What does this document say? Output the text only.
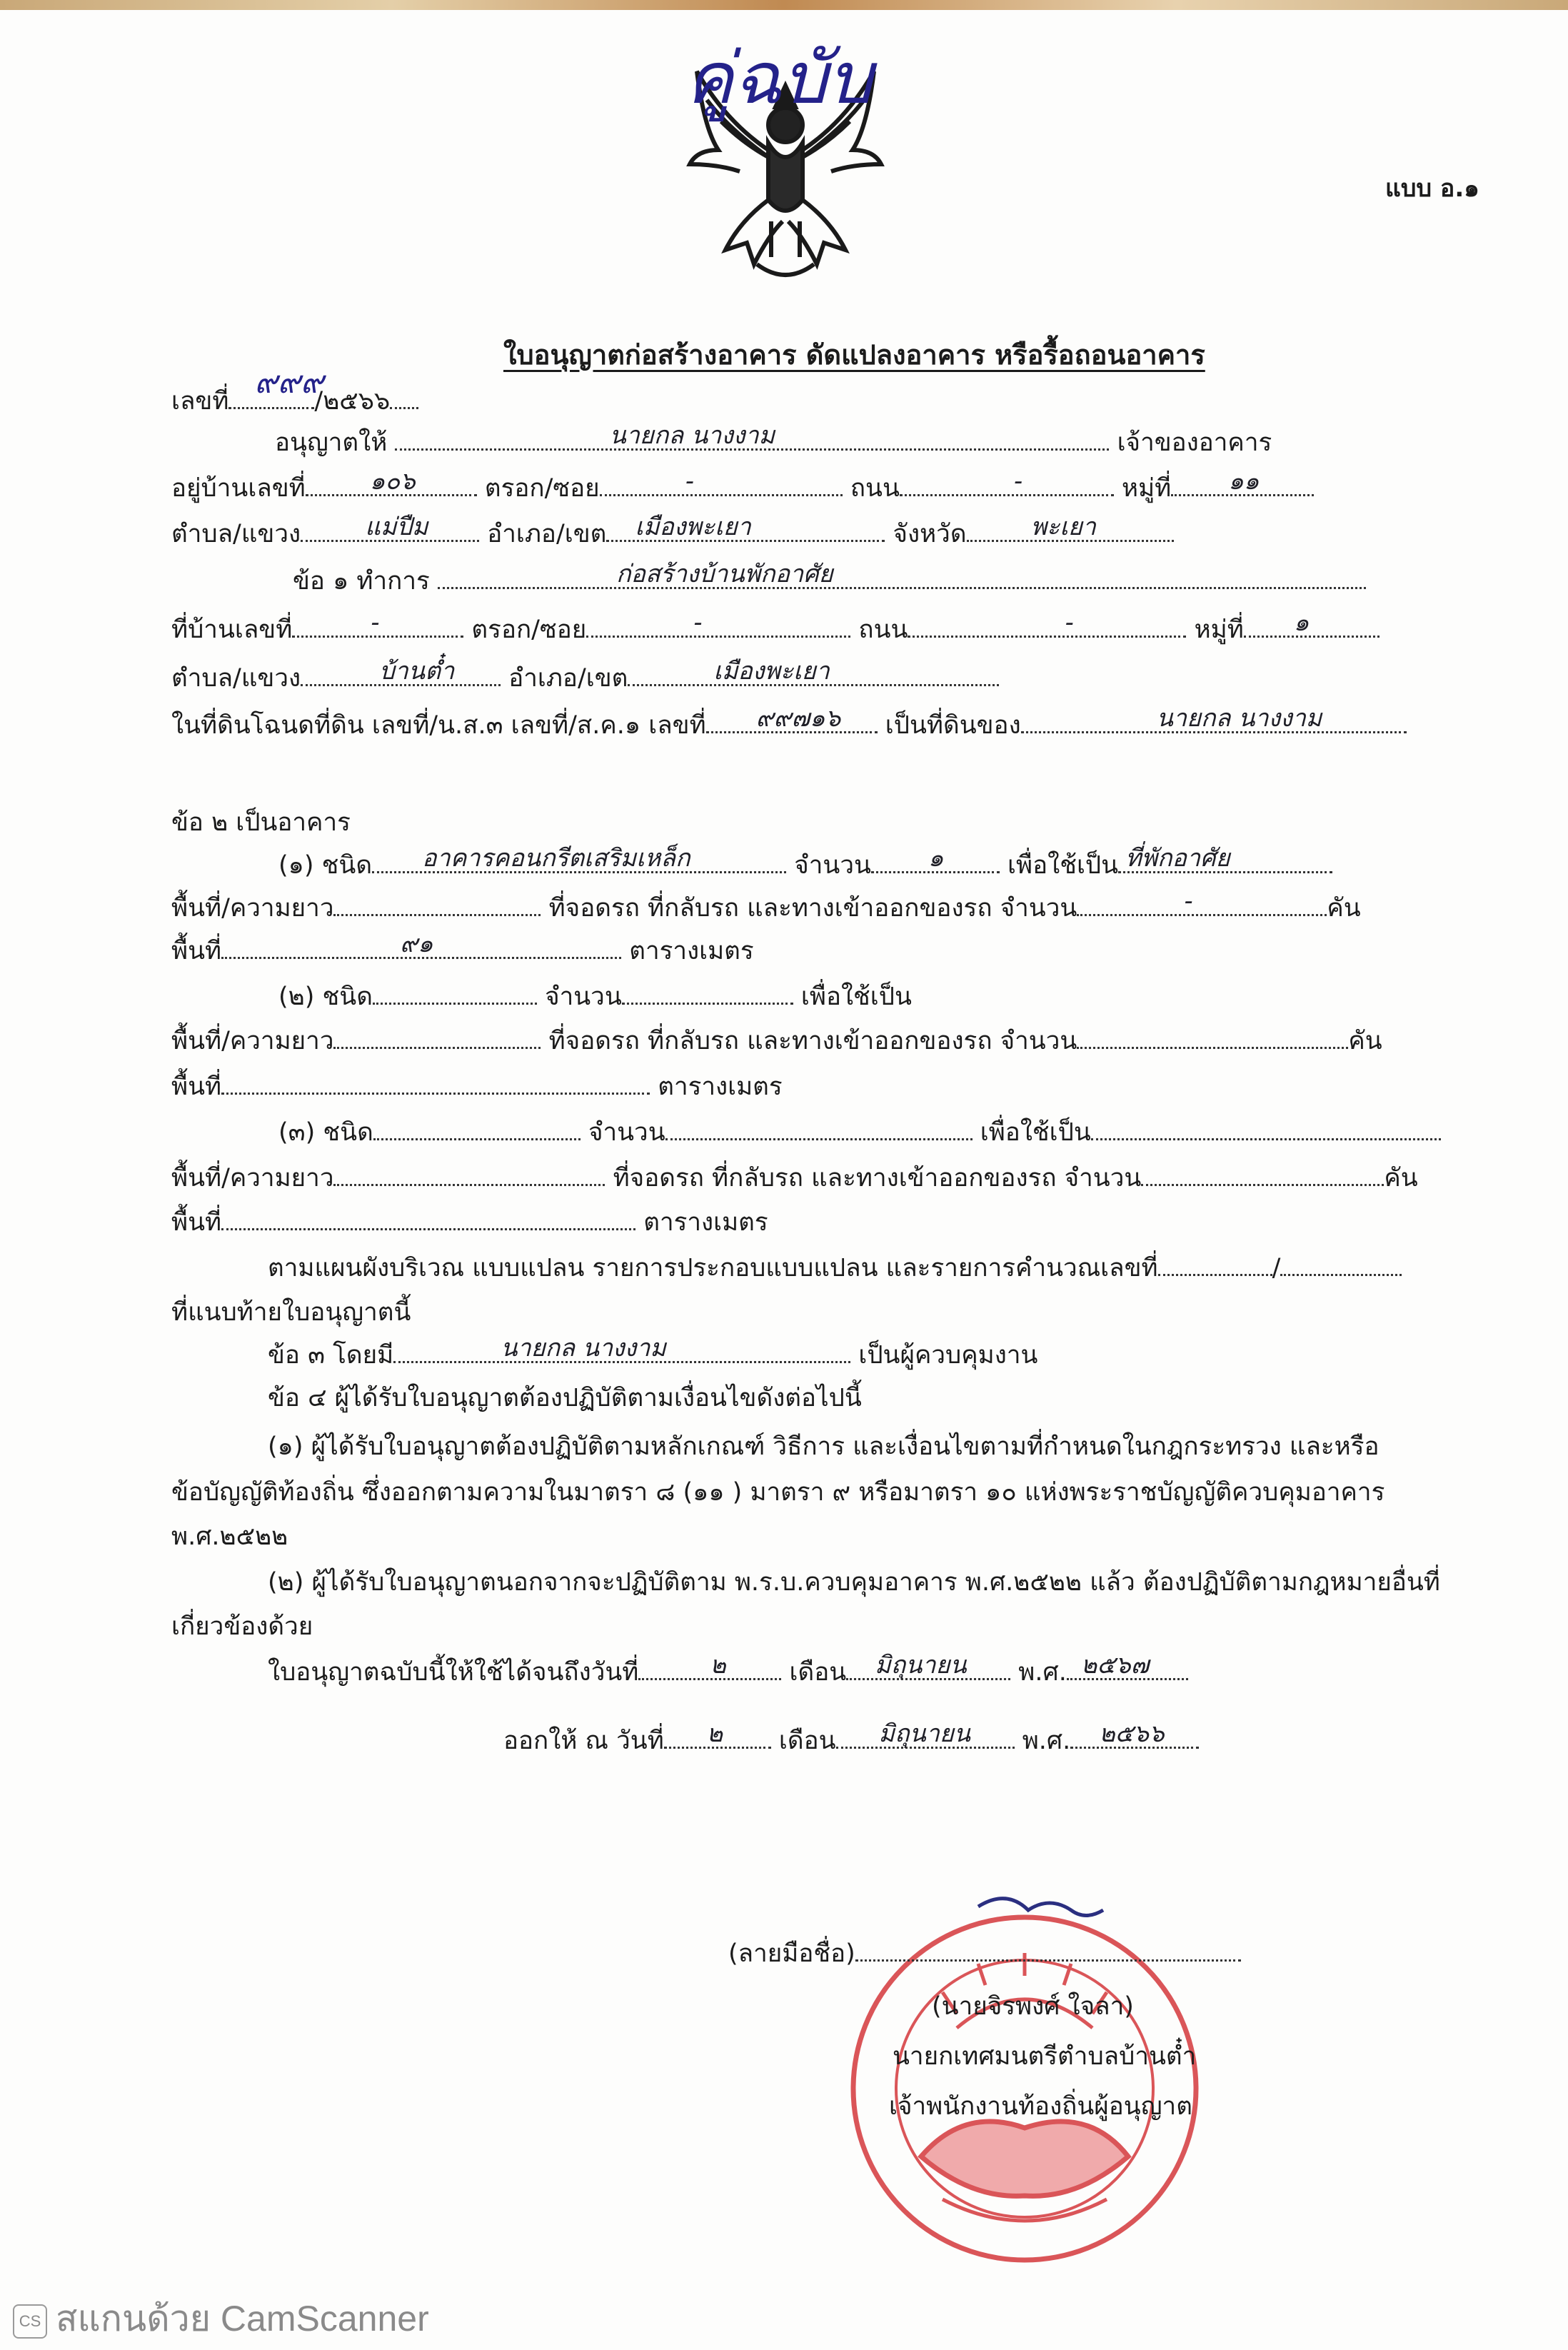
คู่ฉบับ
แบบ อ.๑
ใบอนุญาตก่อสร้างอาคาร ดัดแปลงอาคาร หรือรื้อถอนอาคาร
เลขที่
๙๙๙
/๒๕๖๖
อนุญาตให้	นายกล นางงาม	เจ้าของอาคาร
อยู่บ้านเลขที่	๑๐๖	ตรอก/ซอย	-	ถนน	-	หมู่ที่ ๑๑
ตำบล/แขวง	แม่ปืม อำเภอ/เขต เมืองพะเยา	จังหวัด	พะเยา
ข้อ ๑ ทำการ	ก่อสร้างบ้านพักอาศัย
ที่บ้านเลขที่	-	ตรอก/ซอย	-	ถนน	-	หมู่ที่ ๑
ตำบล/แขวง	บ้านต๋ำ อำเภอ/เขต	เมืองพะเยา
ในที่ดินโฉนดที่ดิน เลขที่/น.ส.๓ เลขที่/ส.ค.๑ เลขที่ ๙๙๗๑๖ เป็นที่ดินของ	นายกล นางงาม
ข้อ ๒ เป็นอาคาร
(๑) ชนิด อาคารคอนกรีตเสริมเหล็ก	จำนวน ๑	เพื่อใช้เป็น ที่พักอาศัย
พื้นที่/ความยาว	ที่จอดรถ ที่กลับรถ และทางเข้าออกของรถ จำนวน	-	คัน
พื้นที่	๙๑	ตารางเมตร
(๒) ชนิด	จำนวน	เพื่อใช้เป็น
พื้นที่/ความยาว	ที่จอดรถ ที่กลับรถ และทางเข้าออกของรถ จำนวน	คัน
พื้นที่	ตารางเมตร
(๓) ชนิด	จำนวน	เพื่อใช้เป็น
พื้นที่/ความยาว	ที่จอดรถ ที่กลับรถ และทางเข้าออกของรถ จำนวน	คัน
พื้นที่	ตารางเมตร
ตามแผนผังบริเวณ แบบแปลน รายการประกอบแบบแปลน และรายการคำนวณเลขที่	/
ที่แนบท้ายใบอนุญาตนี้
ข้อ ๓ โดยมี	นายกล นางงาม	เป็นผู้ควบคุมงาน
ข้อ ๔ ผู้ได้รับใบอนุญาตต้องปฏิบัติตามเงื่อนไขดังต่อไปนี้
(๑) ผู้ได้รับใบอนุญาตต้องปฏิบัติตามหลักเกณฑ์ วิธีการ และเงื่อนไขตามที่กำหนดในกฎกระทรวง และหรือ
ข้อบัญญัติท้องถิ่น ซึ่งออกตามความในมาตรา ๘ (๑๑ ) มาตรา ๙ หรือมาตรา ๑๐ แห่งพระราชบัญญัติควบคุมอาคาร
พ.ศ.๒๕๒๒
(๒) ผู้ได้รับใบอนุญาตนอกจากจะปฏิบัติตาม พ.ร.บ.ควบคุมอาคาร พ.ศ.๒๕๒๒ แล้ว ต้องปฏิบัติตามกฎหมายอื่นที่
เกี่ยวข้องด้วย
ใบอนุญาตฉบับนี้ให้ใช้ได้จนถึงวันที่	๒	เดือน มิถุนายน พ.ศ. ๒๕๖๗
ออกให้ ณ วันที่ ๒ เดือน มิถุนายน พ.ศ. ๒๕๖๖
(ลายมือชื่อ)
(นายจิรพงศ์ ใจลา)
นายกเทศมนตรีตำบลบ้านต๋ำ
เจ้าพนักงานท้องถิ่นผู้อนุญาต
CS สแกนด้วย CamScanner
